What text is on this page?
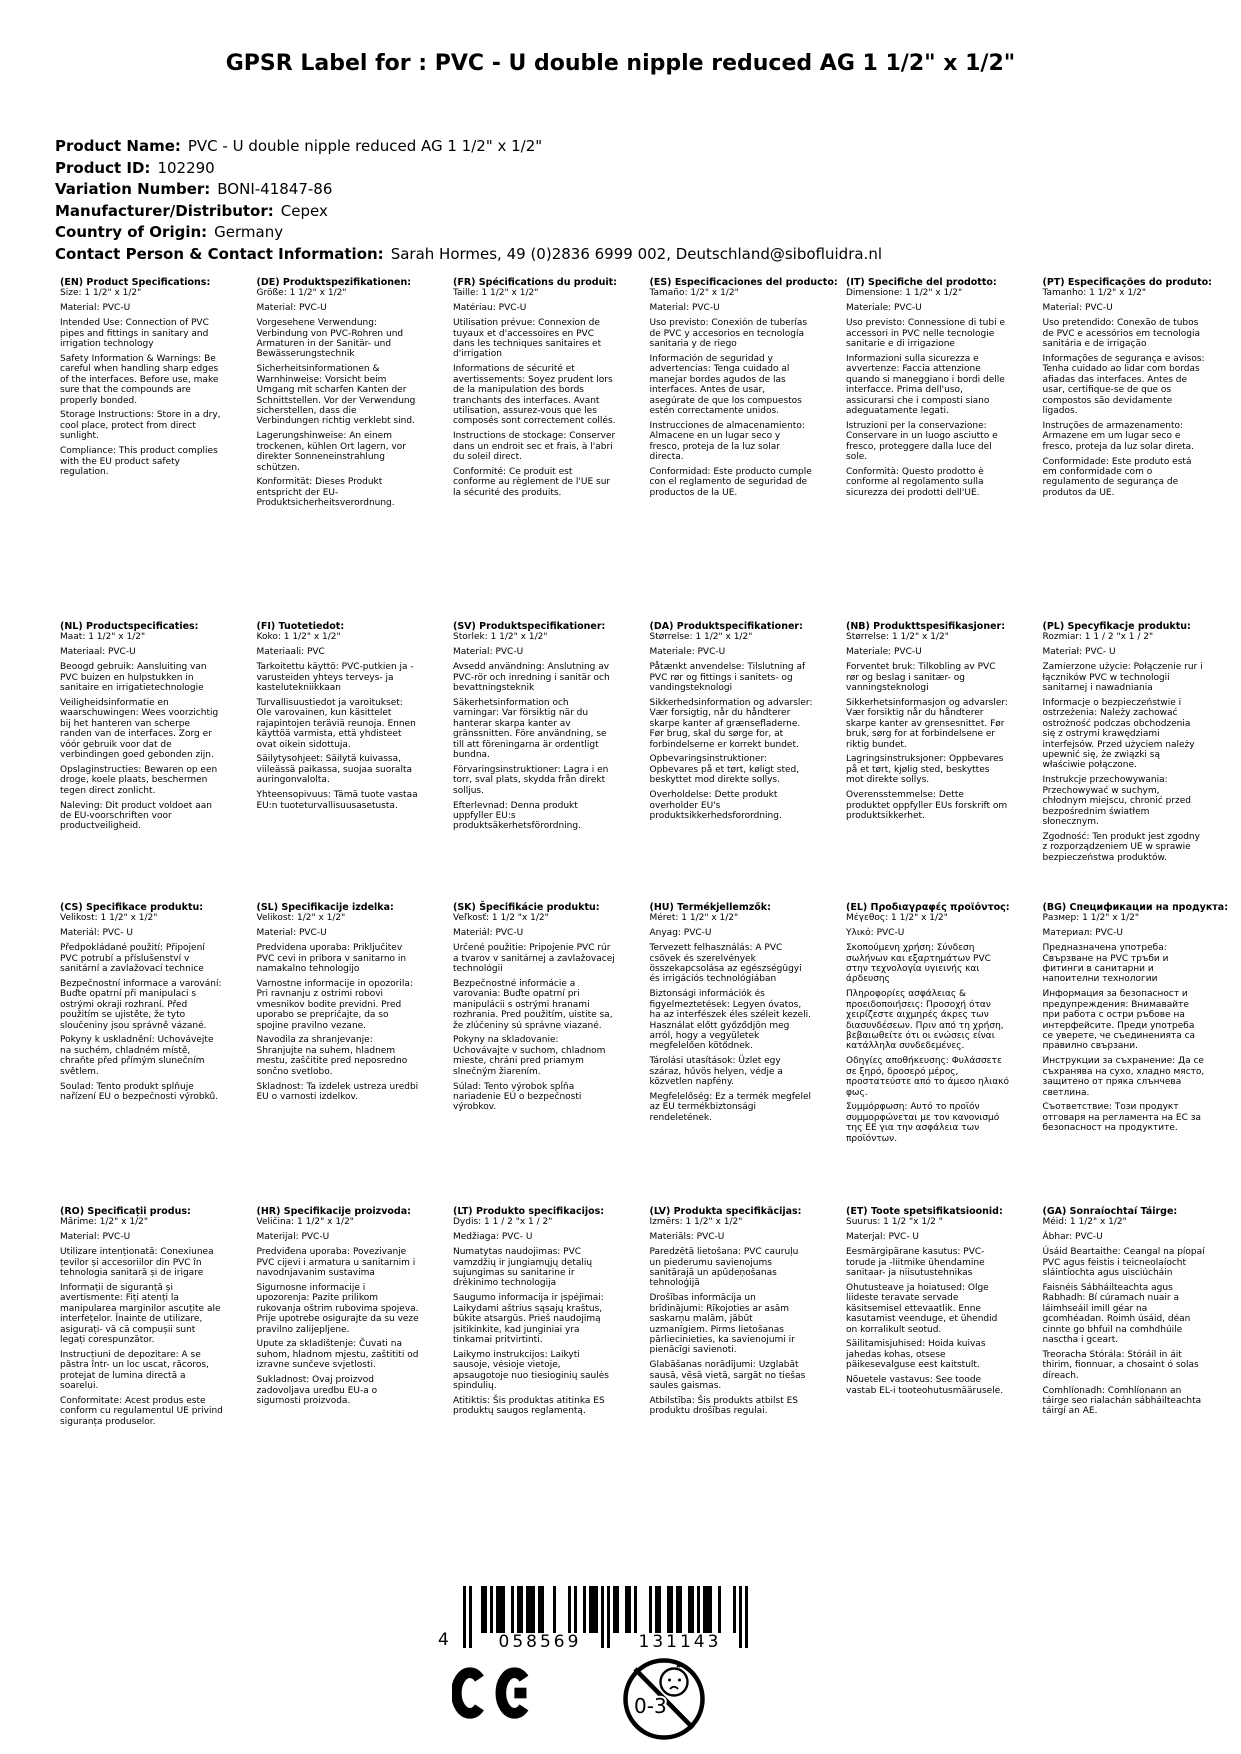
GPSR Label for : PVC - U double nipple reduced AG 1 1/2" x 1/2"
Product Name: PVC - U double nipple reduced AG 1 1/2" x 1/2"
Product ID: 102290
Variation Number: BONI-41847-86
Manufacturer/Distributor: Cepex
Country of Origin: Germany
Contact Person & Contact Information: Sarah Hormes, 49 (0)2836 6999 002, Deutschland@sibofluidra.nl
(EN) Product Specifications:

Size: 1 1/2" x 1/2"

Material: PVC-U

Intended Use: Connection of PVC pipes and fittings in sanitary and irrigation technology

Safety Information & Warnings: Be careful when handling sharp edges of the interfaces. Before use, make sure that the compounds are properly bonded.

Storage Instructions: Store in a dry, cool place, protect from direct sunlight.

Compliance: This product complies with the EU product safety regulation.

(DE) Produktspezifikationen:

Größe: 1 1/2" x 1/2"

Material: PVC-U

Vorgesehene Verwendung: Verbindung von PVC-Rohren und Armaturen in der Sanitär- und Bewässerungstechnik

Sicherheitsinformationen & Warnhinweise: Vorsicht beim Umgang mit scharfen Kanten der Schnittstellen. Vor der Verwendung sicherstellen, dass die Verbindungen richtig verklebt sind.

Lagerungshinweise: An einem trockenen, kühlen Ort lagern, vor direkter Sonneneinstrahlung schützen.

Konformität: Dieses Produkt entspricht der EU-Produktsicherheitsverordnung.

(FR) Spécifications du produit:

Taille: 1 1/2" x 1/2"

Matériau: PVC-U

Utilisation prévue: Connexion de tuyaux et d'accessoires en PVC dans les techniques sanitaires et d'irrigation

Informations de sécurité et avertissements: Soyez prudent lors de la manipulation des bords tranchants des interfaces. Avant utilisation, assurez-vous que les composés sont correctement collés.

Instructions de stockage: Conserver dans un endroit sec et frais, à l'abri du soleil direct.

Conformité: Ce produit est conforme au règlement de l'UE sur la sécurité des produits.

(ES) Especificaciones del producto:

Tamaño: 1/2" x 1/2"

Material: PVC-U

Uso previsto: Conexión de tuberías de PVC y accesorios en tecnología sanitaria y de riego

Información de seguridad y advertencias: Tenga cuidado al manejar bordes agudos de las interfaces. Antes de usar, asegúrate de que los compuestos estén correctamente unidos.

Instrucciones de almacenamiento: Almacene en un lugar seco y fresco, proteja de la luz solar directa.

Conformidad: Este producto cumple con el reglamento de seguridad de productos de la UE.

(IT) Specifiche del prodotto:

Dimensione: 1 1/2" x 1/2"

Materiale: PVC-U

Uso previsto: Connessione di tubi e accessori in PVC nelle tecnologie sanitarie e di irrigazione

Informazioni sulla sicurezza e avvertenze: Faccia attenzione quando si maneggiano i bordi delle interfacce. Prima dell'uso, assicurarsi che i composti siano adeguatamente legati.

Istruzioni per la conservazione: Conservare in un luogo asciutto e fresco, proteggere dalla luce del sole.

Conformità: Questo prodotto è conforme al regolamento sulla sicurezza dei prodotti dell'UE.

(PT) Especificações do produto:

Tamanho: 1 1/2" x 1/2"

Material: PVC-U

Uso pretendido: Conexão de tubos de PVC e acessórios em tecnologia sanitária e de irrigação

Informações de segurança e avisos: Tenha cuidado ao lidar com bordas afiadas das interfaces. Antes de usar, certifique-se de que os compostos são devidamente ligados.

Instruções de armazenamento: Armazene em um lugar seco e fresco, proteja da luz solar direta.

Conformidade: Este produto está em conformidade com o regulamento de segurança de produtos da UE.

(NL) Productspecificaties:

Maat: 1 1/2" x 1/2"

Materiaal: PVC-U

Beoogd gebruik: Aansluiting van PVC buizen en hulpstukken in sanitaire en irrigatietechnologie

Veiligheidsinformatie en waarschuwingen: Wees voorzichtig bij het hanteren van scherpe randen van de interfaces. Zorg er vóór gebruik voor dat de verbindingen goed gebonden zijn.

Opslaginstructies: Bewaren op een droge, koele plaats, beschermen tegen direct zonlicht.

Naleving: Dit product voldoet aan de EU-voorschriften voor productveiligheid.

(FI) Tuotetiedot:

Koko: 1 1/2" x 1/2"

Materiaali: PVC

Tarkoitettu käyttö: PVC-putkien ja -varusteiden yhteys terveys- ja kastelutekniikkaan

Turvallisuustiedot ja varoitukset: Ole varovainen, kun käsittelet rajapintojen teräviä reunoja. Ennen käyttöä varmista, että yhdisteet ovat oikein sidottuja.

Säilytysohjeet: Säilytä kuivassa, viileässä paikassa, suojaa suoralta auringonvalolta.

Yhteensopivuus: Tämä tuote vastaa EU:n tuoteturvallisuusasetusta.

(SV) Produktspecifikationer:

Storlek: 1 1/2" x 1/2"

Material: PVC-U

Avsedd användning: Anslutning av PVC-rör och inredning i sanitär och bevattningsteknik

Säkerhetsinformation och varningar: Var försiktig när du hanterar skarpa kanter av gränssnitten. Före användning, se till att föreningarna är ordentligt bundna.

Förvaringsinstruktioner: Lagra i en torr, sval plats, skydda från direkt solljus.

Efterlevnad: Denna produkt uppfyller EU:s produktsäkerhetsförordning.

(DA) Produktspecifikationer:

Størrelse: 1 1/2" x 1/2"

Materiale: PVC-U

Påtænkt anvendelse: Tilslutning af PVC rør og fittings i sanitets- og vandingsteknologi

Sikkerhedsinformation og advarsler: Vær forsigtig, når du håndterer skarpe kanter af grænsefladerne. Før brug, skal du sørge for, at forbindelserne er korrekt bundet.

Opbevaringsinstruktioner: Opbevares på et tørt, køligt sted, beskyttet mod direkte sollys.

Overholdelse: Dette produkt overholder EU's produktsikkerhedsforordning.

(NB) Produkttspesifikasjoner:

Størrelse: 1 1/2" x 1/2"

Materiale: PVC-U

Forventet bruk: Tilkobling av PVC rør og beslag i sanitær- og vanningsteknologi

Sikkerhetsinformasjon og advarsler: Vær forsiktig når du håndterer skarpe kanter av grensesnittet. Før bruk, sørg for at forbindelsene er riktig bundet.

Lagringsinstruksjoner: Oppbevares på et tørt, kjølig sted, beskyttes mot direkte sollys.

Overensstemmelse: Dette produktet oppfyller EUs forskrift om produktsikkerhet.

(PL) Specyfikacje produktu:

Rozmiar: 1 1 / 2 "x 1 / 2"

Materiał: PVC- U

Zamierzone użycie: Połączenie rur i łączników PVC w technologii sanitarnej i nawadniania

Informacje o bezpieczeństwie i ostrzeżenia: Należy zachować ostrożność podczas obchodzenia się z ostrymi krawędziami interfejsów. Przed użyciem należy upewnić się, że związki są właściwie połączone.

Instrukcje przechowywania: Przechowywać w suchym, chłodnym miejscu, chronić przed bezpośrednim światłem słonecznym.

Zgodność: Ten produkt jest zgodny z rozporządzeniem UE w sprawie bezpieczeństwa produktów.

(CS) Specifikace produktu:

Velikost: 1 1/2" x 1/2"

Materiál: PVC- U

Předpokládané použití: Připojení PVC potrubí a příslušenství v sanitární a zavlažovací technice

Bezpečnostní informace a varování: Buďte opatrní při manipulaci s ostrými okraji rozhraní. Před použitím se ujistěte, že tyto sloučeniny jsou správně vázané.

Pokyny k uskladnění: Uchovávejte na suchém, chladném místě, chraňte před přímým slunečním světlem.

Soulad: Tento produkt splňuje nařízení EU o bezpečnosti výrobků.

(SL) Specifikacije izdelka:

Velikost: 1/2" x 1/2"

Material: PVC-U

Predvidena uporaba: Priključitev PVC cevi in pribora v sanitarno in namakalno tehnologijo

Varnostne informacije in opozorila: Pri ravnanju z ostrimi robovi vmesnikov bodite previdni. Pred uporabo se prepričajte, da so spojine pravilno vezane.

Navodila za shranjevanje: Shranjujte na suhem, hladnem mestu, zaščitite pred neposredno sončno svetlobo.

Skladnost: Ta izdelek ustreza uredbi EU o varnosti izdelkov.

(SK) Špecifikácie produktu:

Veľkosť: 1 1/2 "x 1/2"

Materiál: PVC-U

Určené použitie: Pripojenie PVC rúr a tvarov v sanitárnej a zavlažovacej technológii

Bezpečnostné informácie a varovania: Buďte opatrní pri manipulácii s ostrými hranami rozhrania. Pred použitím, uistite sa, že zlúčeniny sú správne viazané.

Pokyny na skladovanie: Uchovávajte v suchom, chladnom mieste, chráni pred priamym slnečným žiarením.

Súlad: Tento výrobok spĺňa nariadenie EÚ o bezpečnosti výrobkov.

(HU) Termékjellemzők:

Méret: 1 1/2" x 1/2"

Anyag: PVC-U

Tervezett felhasználás: A PVC csövek és szerelvények összekapcsolása az egészségügyi és irrigációs technológiában

Biztonsági információk és figyelmeztetések: Legyen óvatos, ha az interfészek éles széleit kezeli. Használat előtt győződjön meg arról, hogy a vegyületek megfelelően kötődnek.

Tárolási utasítások: Üzlet egy száraz, hűvös helyen, védje a közvetlen napfény.

Megfelelőség: Ez a termék megfelel az EU termékbiztonsági rendeletének.

(EL) Προδιαγραφές προϊόντος:

Μέγεθος: 1 1/2" x 1/2"

Υλικό: PVC-U

Σκοπούμενη χρήση: Σύνδεση σωλήνων και εξαρτημάτων PVC στην τεχνολογία υγιεινής και άρδευσης

Πληροφορίες ασφάλειας & προειδοποιήσεις: Προσοχή όταν χειρίζεστε αιχμηρές άκρες των διασυνδέσεων. Πριν από τη χρήση, βεβαιωθείτε ότι οι ενώσεις είναι κατάλληλα συνδεδεμένες.

Οδηγίες αποθήκευσης: Φυλάσσετε σε ξηρό, δροσερό μέρος, προστατεύστε από το άμεσο ηλιακό φως.

Συμμόρφωση: Αυτό το προϊόν συμμορφώνεται με τον κανονισμό της ΕΕ για την ασφάλεια των προϊόντων.

(BG) Спецификации на продукта:

Размер: 1 1/2" x 1/2"

Материал: PVC-U

Предназначена употреба: Свързване на PVC тръби и фитинги в санитарни и напоителни технологии

Информация за безопасност и предупреждения: Внимавайте при работа с остри ръбове на интерфейсите. Преди употреба се уверете, че съединенията са правилно свързани.

Инструкции за съхранение: Да се съхранява на сухо, хладно място, защитено от пряка слънчева светлина.

Съответствие: Този продукт отговаря на регламента на ЕС за безопасност на продуктите.

(RO) Specificații produs:

Mărime: 1/2" x 1/2"

Material: PVC-U

Utilizare intenționată: Conexiunea țevilor și accesoriilor din PVC în tehnologia sanitară și de irigare

Informații de siguranță și avertismente: Fiți atenți la manipularea marginilor ascuțite ale interfețelor. Înainte de utilizare, asigurați- vă că compușii sunt legați corespunzător.

Instrucțiuni de depozitare: A se păstra într- un loc uscat, răcoros, protejat de lumina directă a soarelui.

Conformitate: Acest produs este conform cu regulamentul UE privind siguranța produselor.

(HR) Specifikacije proizvoda:

Veličina: 1 1/2" x 1/2"

Materijal: PVC-U

Predviđena uporaba: Povezivanje PVC cijevi i armatura u sanitarnim i navodnjavanim sustavima

Sigurnosne informacije i upozorenja: Pazite prilikom rukovanja oštrim rubovima spojeva. Prije upotrebe osigurajte da su veze pravilno zalijepljene.

Upute za skladištenje: Čuvati na suhom, hladnom mjestu, zaštititi od izravne sunčeve svjetlosti.

Sukladnost: Ovaj proizvod zadovoljava uredbu EU-a o sigurnosti proizvoda.

(LT) Produkto specifikacijos:

Dydis: 1 1 / 2 "x 1 / 2"

Medžiaga: PVC- U

Numatytas naudojimas: PVC vamzdžių ir jungiamųjų detalių sujungimas su sanitarine ir drėkinimo technologija

Saugumo informacija ir įspėjimai: Laikydami aštrius sąsajų kraštus, būkite atsargūs. Prieš naudojimą įsitikinkite, kad junginiai yra tinkamai pritvirtinti.

Laikymo instrukcijos: Laikyti sausoje, vėsioje vietoje, apsaugotoje nuo tiesioginių saulės spindulių.

Atitiktis: Šis produktas atitinka ES produktų saugos reglamentą.

(LV) Produkta specifikācijas:

Izmērs: 1 1/2" x 1/2"

Materiāls: PVC-U

Paredzētā lietošana: PVC cauruļu un piederumu savienojums sanitārajā un apūdeņošanas tehnoloģijā

Drošības informācija un brīdinājumi: Rīkojoties ar asām saskarņu malām, jābūt uzmanīgiem. Pirms lietošanas pārliecinieties, ka savienojumi ir pienācīgi savienoti.

Glabāšanas norādījumi: Uzglabāt sausā, vēsā vietā, sargāt no tiešas saules gaismas.

Atbilstība: Šis produkts atbilst ES produktu drošības regulai.

(ET) Toote spetsifikatsioonid:

Suurus: 1 1/2 "x 1/2 "

Materjal: PVC- U

Eesmärgipärane kasutus: PVC-torude ja -liitmike ühendamine sanitaar- ja niisutustehnikas

Ohutusteave ja hoiatused: Olge liideste teravate servade käsitsemisel ettevaatlik. Enne kasutamist veenduge, et ühendid on korralikult seotud.

Säilitamisjuhised: Hoida kuivas jahedas kohas, otsese päikesevalguse eest kaitstult.

Nõuetele vastavus: See toode vastab EL-i tooteohutusmäärusele.

(GA) Sonraíochtaí Táirge:

Méid: 1 1/2" x 1/2"

Ábhar: PVC-U

Úsáid Beartaithe: Ceangal na píopaí PVC agus feistis i teicneolaíocht sláintíochta agus uisciúcháin

Faisnéis Sábháilteachta agus Rabhadh: Bí cúramach nuair a láimhseáil imill géar na gcomhéadan. Roimh úsáid, déan cinnte go bhfuil na comhdhúile nasctha i gceart.

Treoracha Stórála: Stóráil in áit thirim, fionnuar, a chosaint ó solas díreach.

Comhlíonadh: Comhlíonann an táirge seo rialachán sábháilteachta táirgí an AE.

4	058569	131143
0-3
